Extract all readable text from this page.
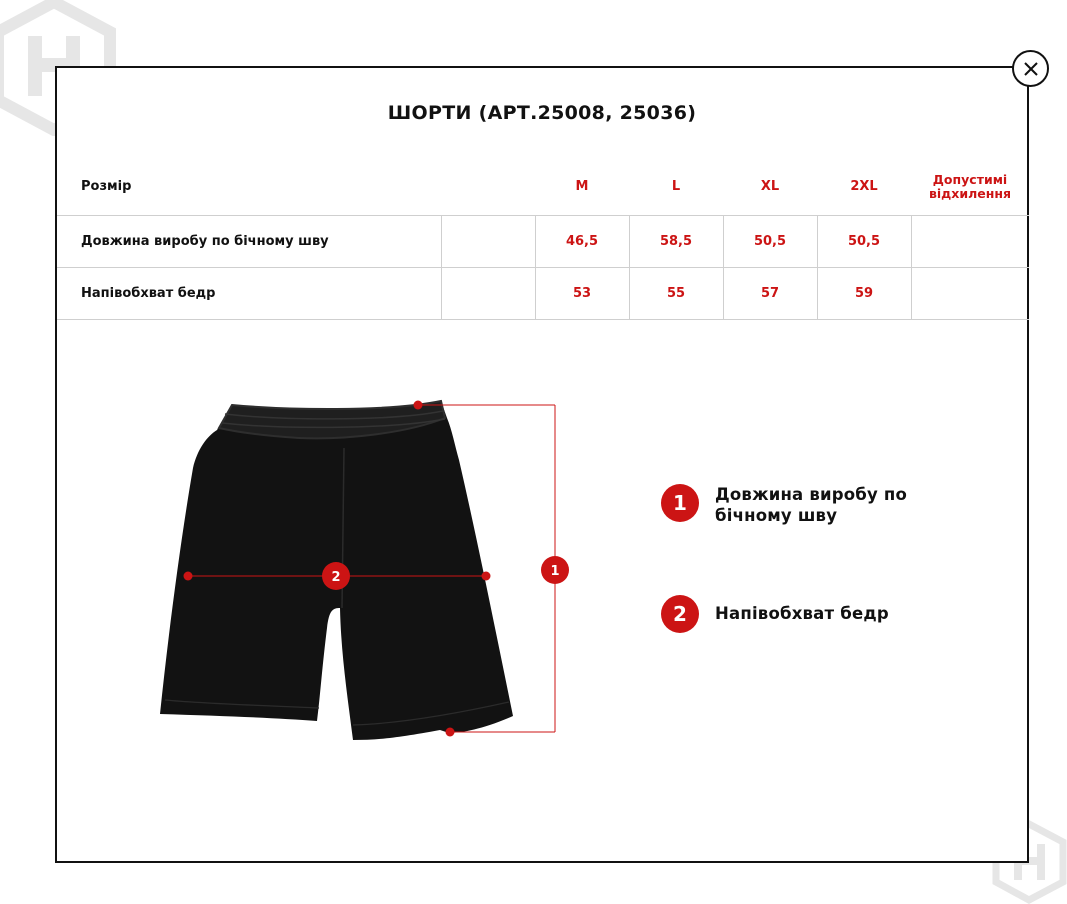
ШОРТИ (АРТ.25008, 25036)
Розмір		M	L	XL	2XL	Допустимі відхилення
Довжина виробу по бічному шву		46,5	58,5	50,5	50,5	
Напівобхват бедр		53	55	57	59	
1
2
1	Довжина виробу по бічному шву
2	Напівобхват бедр
